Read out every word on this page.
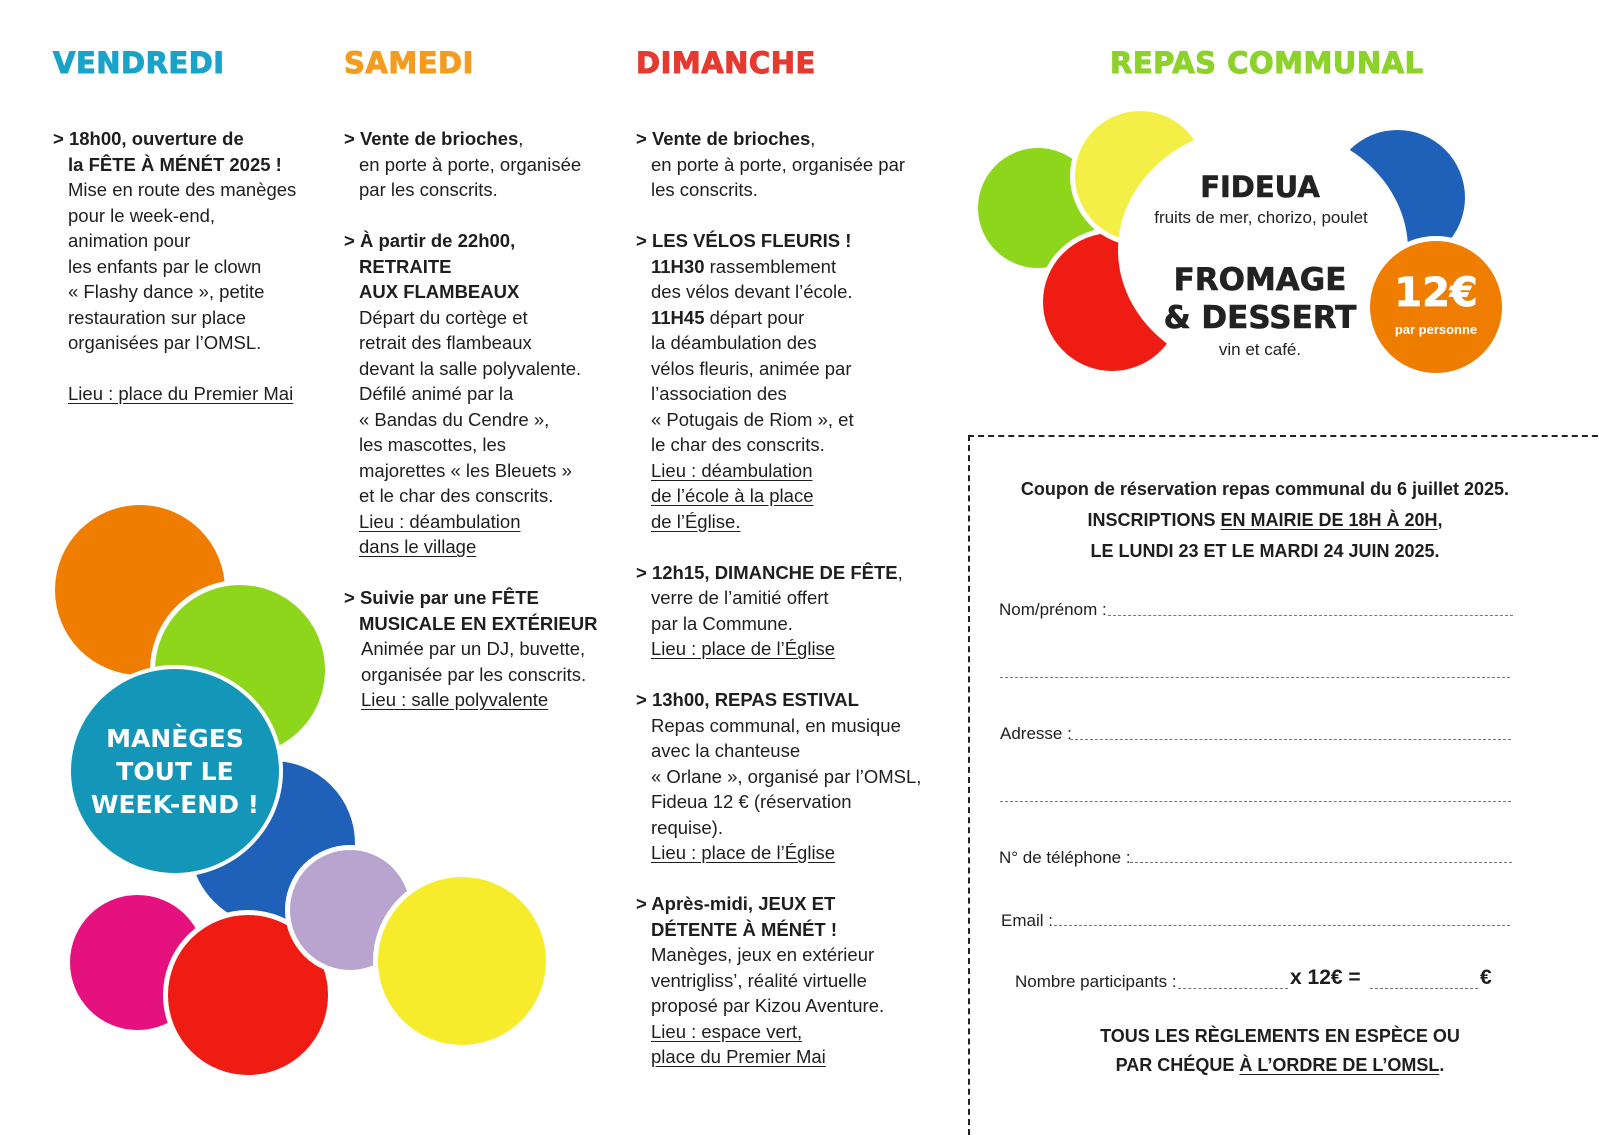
VENDREDI	SAMEDI	DIMANCHE	REPAS COMMUNAL
> 18h00, ouverture de
la FÊTE À MÉNÉT 2025 !
Mise en route des manèges
pour le week-end,
animation pour
les enfants par le clown
« Flashy dance », petite
restauration sur place
organisées par l’OMSL.
Lieu : place du Premier Mai
> Vente de brioches,
en porte à porte, organisée
par les conscrits.
> À partir de 22h00,
RETRAITE
AUX FLAMBEAUX
Départ du cortège et
retrait des flambeaux
devant la salle polyvalente.
Défilé animé par la
« Bandas du Cendre »,
les mascottes, les
majorettes « les Bleuets »
et le char des conscrits.
Lieu : déambulation
dans le village
> Suivie par une FÊTE
MUSICALE EN EXTÉRIEUR
Animée par un DJ, buvette,
organisée par les conscrits.
Lieu : salle polyvalente
> Vente de brioches,
en porte à porte, organisée par
les conscrits.
> LES VÉLOS FLEURIS !
11H30 rassemblement
des vélos devant l’école.
11H45 départ pour
la déambulation des
vélos fleuris, animée par
l’association des
« Potugais de Riom », et
le char des conscrits.
Lieu : déambulation
de l’école à la place
de l’Église.
> 12h15, DIMANCHE DE FÊTE,
verre de l’amitié offert
par la Commune.
Lieu : place de l’Église
> 13h00, REPAS ESTIVAL
Repas communal, en musique
avec la chanteuse
« Orlane », organisé par l’OMSL,
Fideua 12 € (réservation
requise).
Lieu : place de l’Église
> Après-midi, JEUX ET
DÉTENTE À MÉNÉT !
Manèges, jeux en extérieur
ventrigliss’, réalité virtuelle
proposé par Kizou Aventure.
Lieu : espace vert,
place du Premier Mai
MANÈGES
TOUT LE
WEEK-END !
FIDEUA
fruits de mer, chorizo, poulet
FROMAGE
& DESSERT
vin et café.
12€
par personne
Coupon de réservation repas communal du 6 juillet 2025.
INSCRIPTIONS EN MAIRIE DE 18H À 20H,
LE LUNDI 23 ET LE MARDI 24 JUIN 2025.
Nom/prénom :
Adresse :
N° de téléphone :
Email :
Nombre participants :	x 12€ =	€
TOUS LES RÈGLEMENTS EN ESPÈCE OU
PAR CHÉQUE À L’ORDRE DE L’OMSL.
